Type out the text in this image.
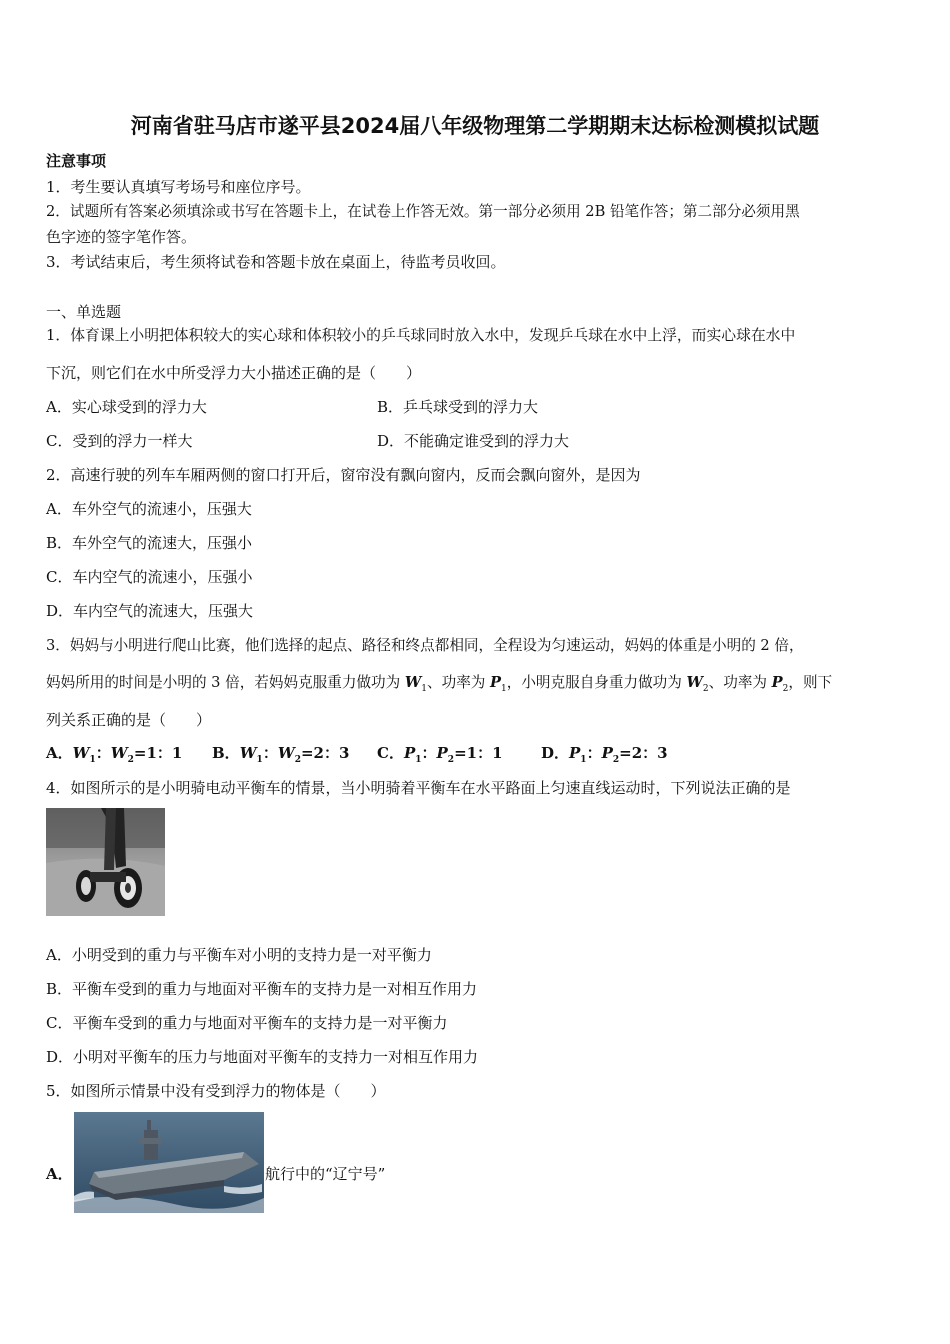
河南省驻马店市遂平县2024届八年级物理第二学期期末达标检测模拟试题
注意事项
1．考生要认真填写考场号和座位序号。
2．试题所有答案必须填涂或书写在答题卡上，在试卷上作答无效。第一部分必须用 2B 铅笔作答；第二部分必须用黑
色字迹的签字笔作答。
3．考试结束后，考生须将试卷和答题卡放在桌面上，待监考员收回。
一、单选题
1．体育课上小明把体积较大的实心球和体积较小的乒乓球同时放入水中，发现乒乓球在水中上浮，而实心球在水中
下沉，则它们在水中所受浮力大小描述正确的是（　　）
A．实心球受到的浮力大	B．乒乓球受到的浮力大
C．受到的浮力一样大	D．不能确定谁受到的浮力大
2．高速行驶的列车车厢两侧的窗口打开后，窗帘没有飘向窗内，反而会飘向窗外，是因为
A．车外空气的流速小，压强大
B．车外空气的流速大，压强小
C．车内空气的流速小，压强小
D．车内空气的流速大，压强大
3．妈妈与小明进行爬山比赛，他们选择的起点、路径和终点都相同，全程设为匀速运动，妈妈的体重是小明的 2 倍，
妈妈所用的时间是小明的 3 倍，若妈妈克服重力做功为 $W_1$、功率为 $P_1$，小明克服自身重力做功为 $W_2$、功率为 $P_2$，则下
列关系正确的是（　　）
A．$W_1$：$W_2=1$：1 B．$W_1$：$W_2=2$：3 C．$P_1$：$P_2=1$：1	D．$P_1$：$P_2=2$：3
4．如图所示的是小明骑电动平衡车的情景，当小明骑着平衡车在水平路面上匀速直线运动时，下列说法正确的是
A．小明受到的重力与平衡车对小明的支持力是一对平衡力
B．平衡车受到的重力与地面对平衡车的支持力是一对相互作用力
C．平衡车受到的重力与地面对平衡车的支持力是一对平衡力
D．小明对平衡车的压力与地面对平衡车的支持力一对相互作用力
5．如图所示情景中没有受到浮力的物体是（　　）
A．	航行中的“辽宁号”
